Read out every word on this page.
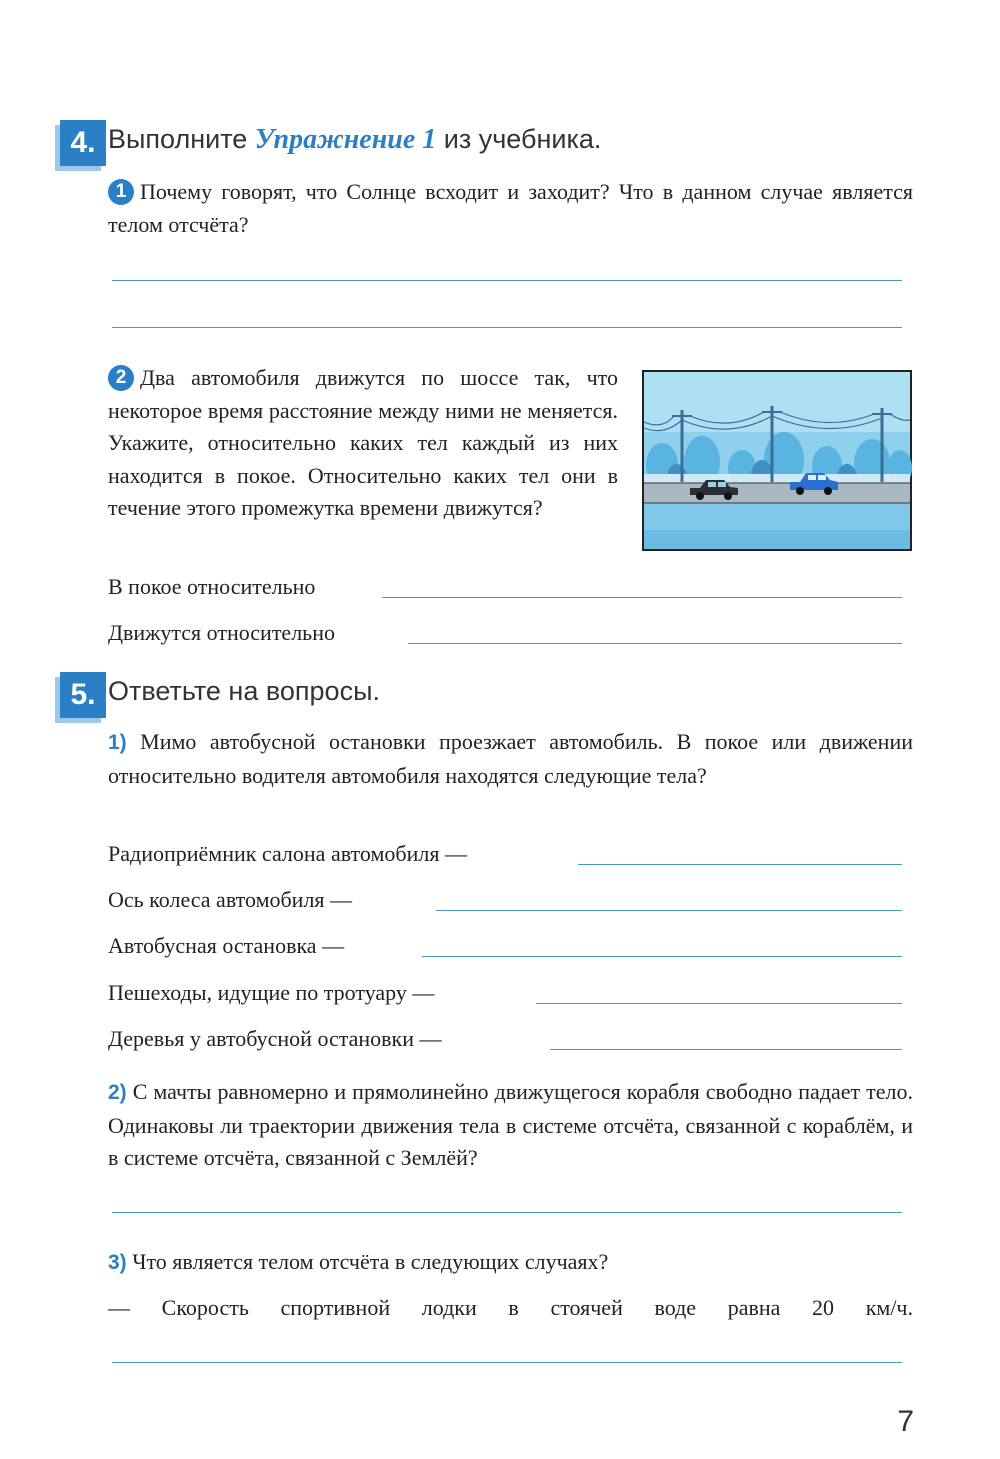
4. Выполните Упражнение 1 из учебника.
1 Почему говорят, что Солнце всходит и заходит? Что в данном случае является телом отсчёта?
2 Два автомобиля движутся по шоссе так, что некоторое время расстояние между ними не меняется. Укажите, относительно каких тел каждый из них находится в покое. Относительно каких тел они в течение этого промежутка времени движутся?
В покое относительно
Движутся относительно
5. Ответьте на вопросы.
1) Мимо автобусной остановки проезжает автомобиль. В покое или движении относительно водителя автомобиля находятся следующие тела?
Радиоприёмник салона автомобиля —
Ось колеса автомобиля —
Автобусная остановка —
Пешеходы, идущие по тротуару —
Деревья у автобусной остановки —
2) С мачты равномерно и прямолинейно движущегося корабля свободно падает тело. Одинаковы ли траектории движения тела в системе отсчёта, связанной с кораблём, и в системе отсчёта, связанной с Землёй?
3) Что является телом отсчёта в следующих случаях?
— Скорость спортивной лодки в стоячей воде равна 20 км/ч.
7
